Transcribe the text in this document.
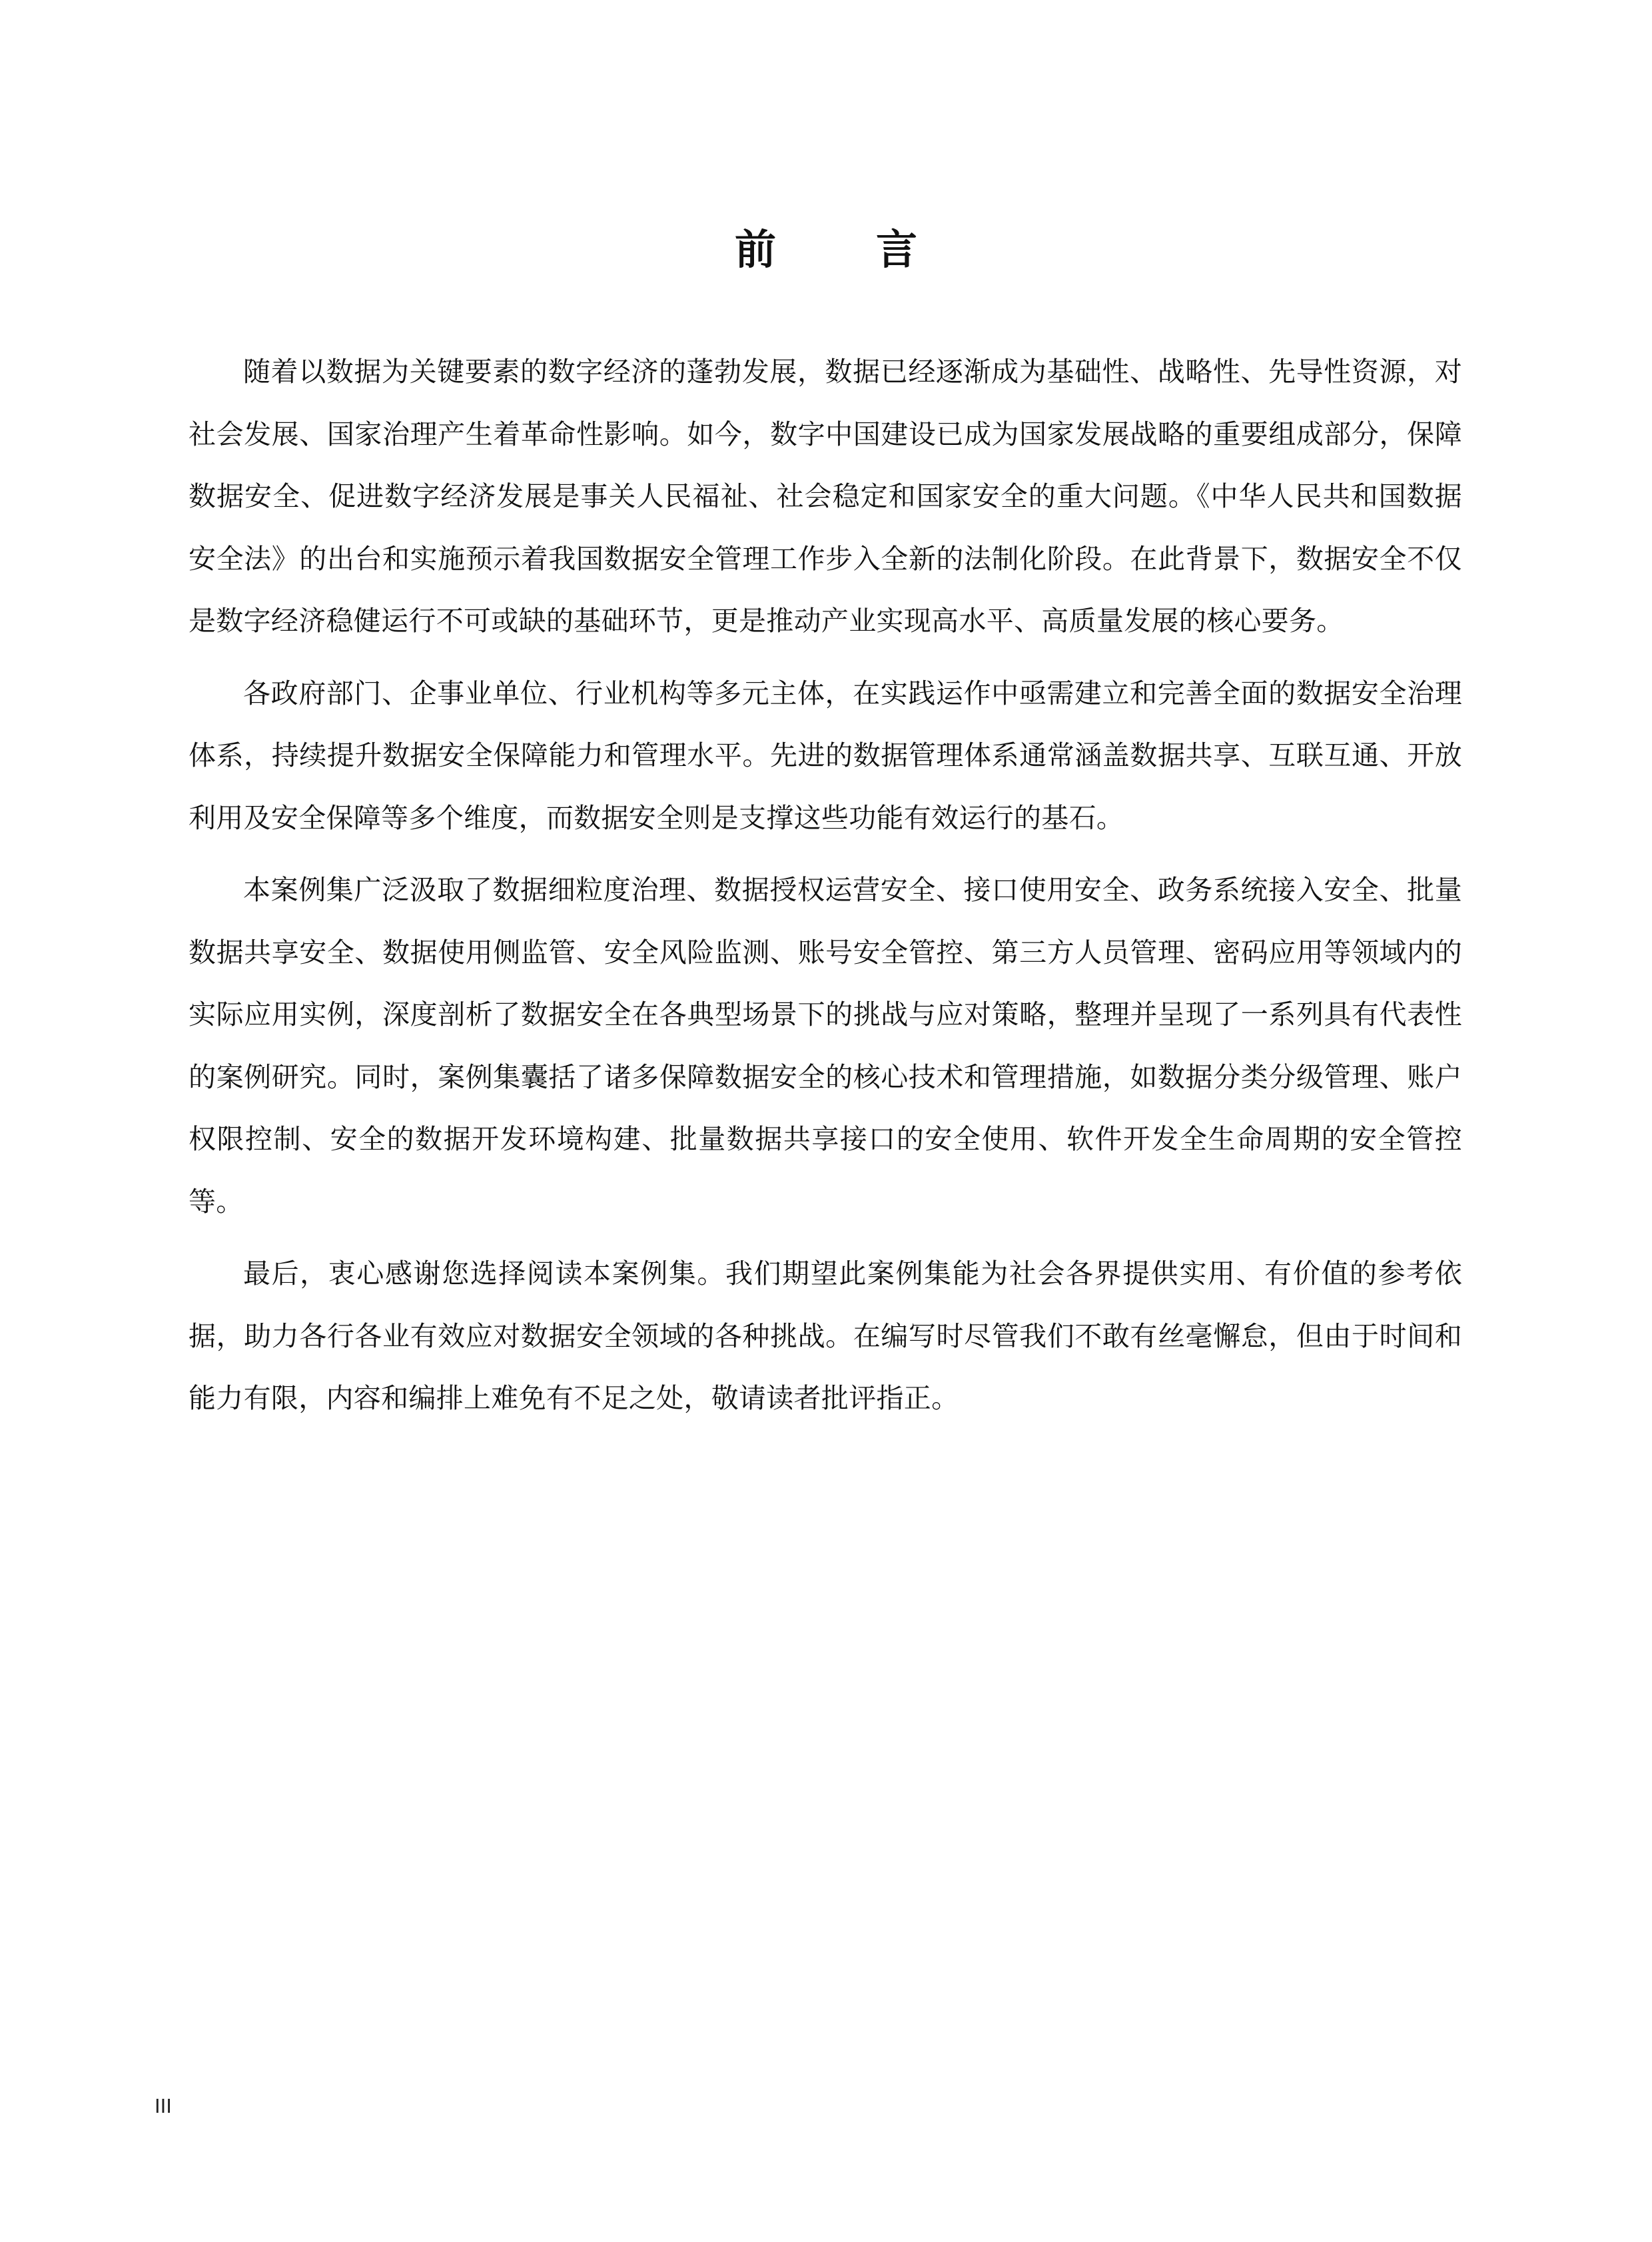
前言

随着以数据为关键要素的数字经济的蓬勃发展，数据已经逐渐成为基础性、战略性、先导性资源，对社会发展、国家治理产生着革命性影响。如今，数字中国建设已成为国家发展战略的重要组成部分，保障数据安全、促进数字经济发展是事关人民福祉、社会稳定和国家安全的重大问题。《中华人民共和国数据安全法》的出台和实施预示着我国数据安全管理工作步入全新的法制化阶段。在此背景下，数据安全不仅是数字经济稳健运行不可或缺的基础环节，更是推动产业实现高水平、高质量发展的核心要务。

各政府部门、企事业单位、行业机构等多元主体，在实践运作中亟需建立和完善全面的数据安全治理体系，持续提升数据安全保障能力和管理水平。先进的数据管理体系通常涵盖数据共享、互联互通、开放利用及安全保障等多个维度，而数据安全则是支撑这些功能有效运行的基石。

本案例集广泛汲取了数据细粒度治理、数据授权运营安全、接口使用安全、政务系统接入安全、批量数据共享安全、数据使用侧监管、安全风险监测、账号安全管控、第三方人员管理、密码应用等领域内的实际应用实例，深度剖析了数据安全在各典型场景下的挑战与应对策略，整理并呈现了一系列具有代表性的案例研究。同时，案例集囊括了诸多保障数据安全的核心技术和管理措施，如数据分类分级管理、账户权限控制、安全的数据开发环境构建、批量数据共享接口的安全使用、软件开发全生命周期的安全管控等。

最后，衷心感谢您选择阅读本案例集。我们期望此案例集能为社会各界提供实用、有价值的参考依据，助力各行各业有效应对数据安全领域的各种挑战。在编写时尽管我们不敢有丝毫懈怠，但由于时间和能力有限，内容和编排上难免有不足之处，敬请读者批评指正。

III
